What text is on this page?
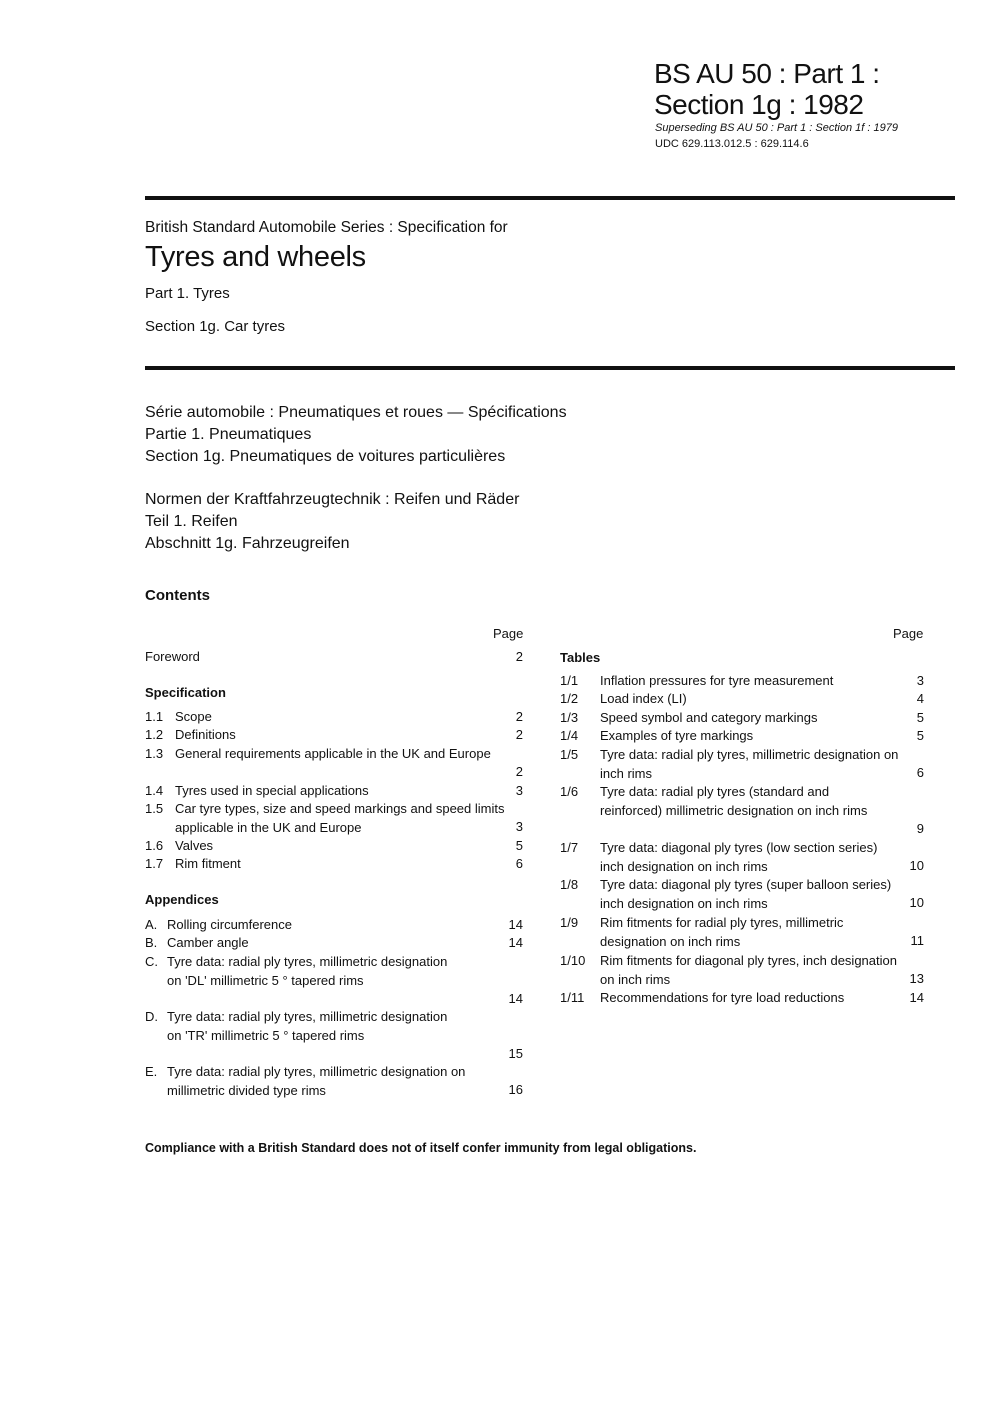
BS AU 50 : Part 1 :
Section 1g : 1982
Superseding BS AU 50 : Part 1 : Section 1f : 1979
UDC 629.113.012.5 : 629.114.6
British Standard Automobile Series : Specification for
Tyres and wheels
Part 1. Tyres
Section 1g. Car tyres
Série automobile : Pneumatiques et roues — Spécifications
Partie 1. Pneumatiques
Section 1g. Pneumatiques de voitures particulières
Normen der Kraftfahrzeugtechnik : Reifen und Räder
Teil 1. Reifen
Abschnitt 1g. Fahrzeugreifen
Contents
Page	Page
Foreword	2
Specification
1.1 Scope	2
1.2 Definitions	2
1.3 General requirements applicable in the UK and Europe
2
1.4 Tyres used in special applications	3
1.5 Car tyre types, size and speed markings and speed limits applicable in the UK and Europe	3
1.6 Valves	5
1.7 Rim fitment	6
Appendices
A. Rolling circumference	14
B. Camber angle	14
C. Tyre data: radial ply tyres, millimetric designation on 'DL' millimetric 5 ° tapered rims
14
D. Tyre data: radial ply tyres, millimetric designation on 'TR' millimetric 5 ° tapered rims
15
E. Tyre data: radial ply tyres, millimetric designation on millimetric divided type rims	16
Tables
1/1 Inflation pressures for tyre measurement	3
1/2 Load index (LI)	4
1/3 Speed symbol and category markings	5
1/4 Examples of tyre markings	5
1/5 Tyre data: radial ply tyres, millimetric designation on inch rims	6
1/6 Tyre data: radial ply tyres (standard and reinforced) millimetric designation on inch rims
9
1/7 Tyre data: diagonal ply tyres (low section series) inch designation on inch rims	10
1/8 Tyre data: diagonal ply tyres (super balloon series) inch designation on inch rims	10
1/9 Rim fitments for radial ply tyres, millimetric designation on inch rims	11
1/10 Rim fitments for diagonal ply tyres, inch designation on inch rims	13
1/11 Recommendations for tyre load reductions	14
Compliance with a British Standard does not of itself confer immunity from legal obligations.
